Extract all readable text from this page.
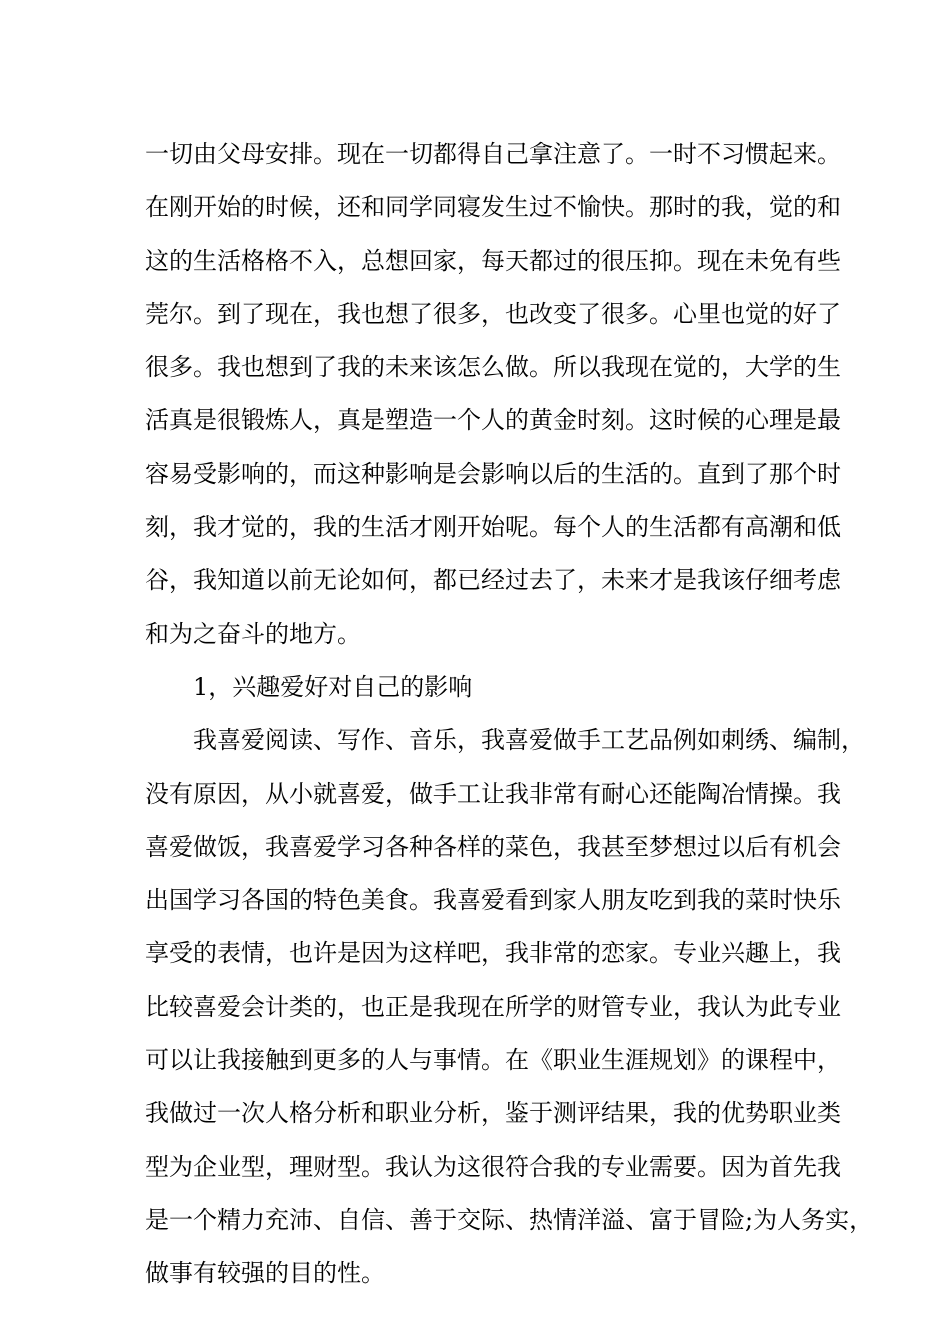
一切由父母安排。现在一切都得自己拿注意了。一时不习惯起来。
在刚开始的时候，还和同学同寝发生过不愉快。那时的我，觉的和
这的生活格格不入，总想回家，每天都过的很压抑。现在未免有些
莞尔。到了现在，我也想了很多，也改变了很多。心里也觉的好了
很多。我也想到了我的未来该怎么做。所以我现在觉的，大学的生
活真是很锻炼人，真是塑造一个人的黄金时刻。这时候的心理是最
容易受影响的，而这种影响是会影响以后的生活的。直到了那个时
刻，我才觉的，我的生活才刚开始呢。每个人的生活都有高潮和低
谷，我知道以前无论如何，都已经过去了，未来才是我该仔细考虑
和为之奋斗的地方。
1，兴趣爱好对自己的影响
我喜爱阅读、写作、音乐，我喜爱做手工艺品例如刺绣、编制，
没有原因，从小就喜爱，做手工让我非常有耐心还能陶冶情操。我
喜爱做饭，我喜爱学习各种各样的菜色，我甚至梦想过以后有机会
出国学习各国的特色美食。我喜爱看到家人朋友吃到我的菜时快乐
享受的表情，也许是因为这样吧，我非常的恋家。专业兴趣上，我
比较喜爱会计类的，也正是我现在所学的财管专业，我认为此专业
可以让我接触到更多的人与事情。在《职业生涯规划》的课程中，
我做过一次人格分析和职业分析，鉴于测评结果，我的优势职业类
型为企业型，理财型。我认为这很符合我的专业需要。因为首先我
是一个精力充沛、自信、善于交际、热情洋溢、富于冒险;为人务实，
做事有较强的目的性。
